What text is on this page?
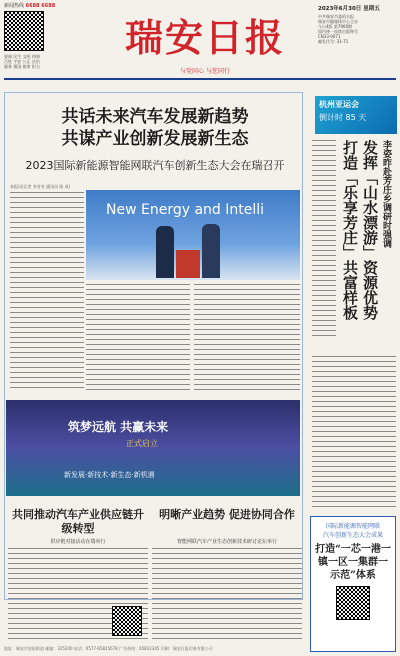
新闻热线 6688 6688
要闻 民生 文明 和谐
百姓 平安 公正 法治
服务 强国 使命 担当
瑞安日报
与党同心 与您同行
2023年6月30日 星期五
中共瑞安市委机关报
瑞安市融媒体中心主办
今日4版 第7900期
国内统一连续出版物号
CN33-0071
邮发代号: 31-71
共话未来汽车发展新趋势
共谋产业创新发展新生态
2023国际新能源智能网联汽车创新生态大会在瑞召开
本报讯(记者 李芳芳 通讯员 陈 成)
New Energy and Intelli
筑梦远航 共赢未来
正式启立
新发展·新技术·新生态·新机遇
共同推动汽车产业供应链升级转型
供应链对接活动在瑞举行
明晰产业趋势 促进协同合作
智能网联汽车产业生态创新技术研讨论坛举行
杭州亚运会
倒计时 85 天
李姿昨赴芳庄乡调研时强调
发挥「山水漂游」资源优势
打造「乐享芳庄」共富样板
国际新能源智能网联
汽车创新生态大会成果
打造“一芯一港一镇一区一集群一示范”体系
地址：瑞安市安阳街道 邮编：325200 电话：0577-65815678 广告热线：65812345 印刷：瑞安日报印务有限公司
